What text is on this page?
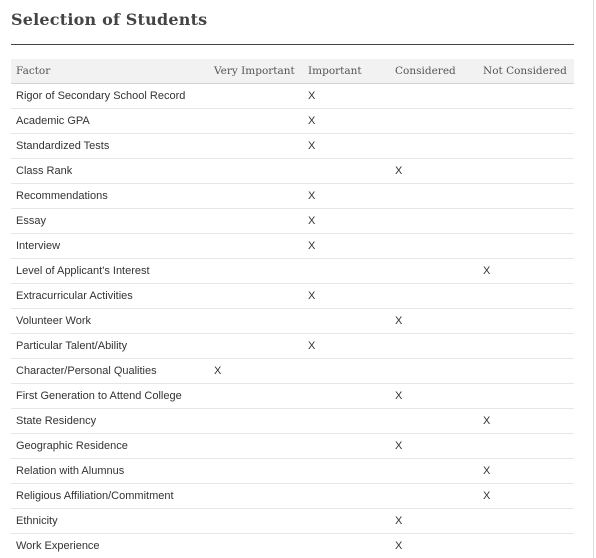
Selection of Students
Factor	Very Important	Important	Considered	Not Considered
Rigor of Secondary School Record		X		
Academic GPA		X		
Standardized Tests		X		
Class Rank			X	
Recommendations		X		
Essay		X		
Interview		X		
Level of Applicant's Interest				X
Extracurricular Activities		X		
Volunteer Work			X	
Particular Talent/Ability		X		
Character/Personal Qualities	X			
First Generation to Attend College			X	
State Residency				X
Geographic Residence			X	
Relation with Alumnus				X
Religious Affiliation/Commitment				X
Ethnicity			X	
Work Experience			X	
